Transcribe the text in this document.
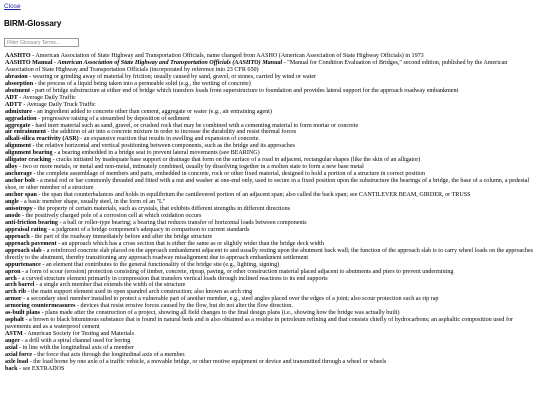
Close
BIRM-Glossary
Filter Glossary Terms...
AASHTO - American Association of State Highway and Transportation Officials, name changed from AASHO (American Association of State Highway Officials) in 1973
AASHTO Manual - American Association of State Highway and Transportation Officials (AASHTO) Manual - "Manual for Condition Evaluation of Bridges," second edition, published by the American Association of State Highway and Transportation Officials (incorporated by reference into 23 CFR 650)
abrasion - wearing or grinding away of material by friction; usually caused by sand, gravel, or stones, carried by wind or water
absorption - the process of a liquid being taken into a permeable solid (e.g., the wetting of concrete)
abutment - part of bridge substructure at either end of bridge which transfers loads from superstructure to foundation and provides lateral support for the approach roadway embankment
ADT - Average Daily Traffic
ADTT - Average Daily Truck Traffic
admixture - an ingredient added to concrete other than cement, aggregate or water (e.g., air entraining agent)
aggradation - progressive raising of a streambed by deposition of sediment
aggregate - hard inert material such as sand, gravel, or crushed rock that may be combined with a cementing material to form mortar or concrete
air entrainment - the addition of air into a concrete mixture in order to increase the durability and resist thermal forces
alkali-silica reactivity (ASR) - an expansive reaction that results in swelling and expansion of concrete.
alignment - the relative horizontal and vertical positioning between components, such as the bridge and its approaches
alignment bearing - a bearing embedded in a bridge seat to prevent lateral movements (see BEARING)
alligator cracking - cracks initiated by inadequate base support or drainage that form on the surface of a road in adjacent, rectangular shapes (like the skin of an alligator)
alloy - two or more metals, or metal and non-metal, intimately combined, usually by dissolving together in a molten state to form a new base metal
anchorage - the complete assemblage of members and parts, embedded in concrete, rock or other fixed material, designed to hold a portion of a structure in correct position
anchor bolt - a metal rod or bar commonly threaded and fitted with a nut and washer at one-end only, used to secure in a fixed position upon the substructure the bearings of a bridge, the base of a column, a pedestal shoe, or other member of a structure
anchor span - the span that counterbalances and holds in equilibrium the cantilevered portion of an adjacent span; also called the back span; see CANTILEVER BEAM, GIRDER, or TRUSS
angle - a basic member shape, usually steel, in the form of an "L"
anisotropy - the property of certain materials, such as crystals, that exhibits different strengths in different directions
anode - the positively charged pole of a corrosion cell at which oxidation occurs
anti-friction bearing - a ball or roller-type bearing; a bearing that reduces transfer of horizontal loads between components
appraisal rating - a judgment of a bridge component's adequacy in comparison to current standards
approach - the part of the roadway immediately before and after the bridge structure
approach pavement - an approach which has a cross section that is either the same as or slightly wider than the bridge deck width
approach slab - a reinforced concrete slab placed on the approach embankment adjacent to and usually resting upon the abutment back wall; the function of the approach slab is to carry wheel loads on the approaches directly to the abutment, thereby transitioning any approach roadway misalignment due to approach embankment settlement
appurtenance - an element that contributes to the general functionality of the bridge site (e.g., lighting, signing)
apron - a form of scour (erosion) protection consisting of timber, concrete, riprap, paving, or other construction material placed adjacent to abutments and piers to prevent undermining
arch - a curved structure element primarily in compression that transfers vertical loads through inclined reactions to its end supports
arch barrel - a single arch member that extends the width of the structure
arch rib - the main support element used in open spandrel arch construction; also known as arch ring
armor - a secondary steel member installed to protect a vulnerable part of another member, e.g., steel angles placed over the edges of a joint; also scour protection such as rip rap
armoring countermeasures - devices that resist erosive forces caused by the flow, but do not alter the flow direction.
as-built plans - plans made after the construction of a project, showing all field changes to the final design plans (i.e., showing how the bridge was actually built)
asphalt - a brown to black bituminous substance that is found in natural beds and is also obtained as a residue in petroleum refining and that consists chiefly of hydrocarbons; an asphaltic composition used for pavements and as a waterproof cement
ASTM - American Society for Testing and Materials
auger - a drill with a spiral channel used for boring
axial - in line with the longitudinal axis of a member
axial force - the force that acts through the longitudinal axis of a member.
axle load - the load borne by one axle of a traffic vehicle, a movable bridge, or other motive equipment or device and transmitted through a wheel or wheels
back - see EXTRADOS
